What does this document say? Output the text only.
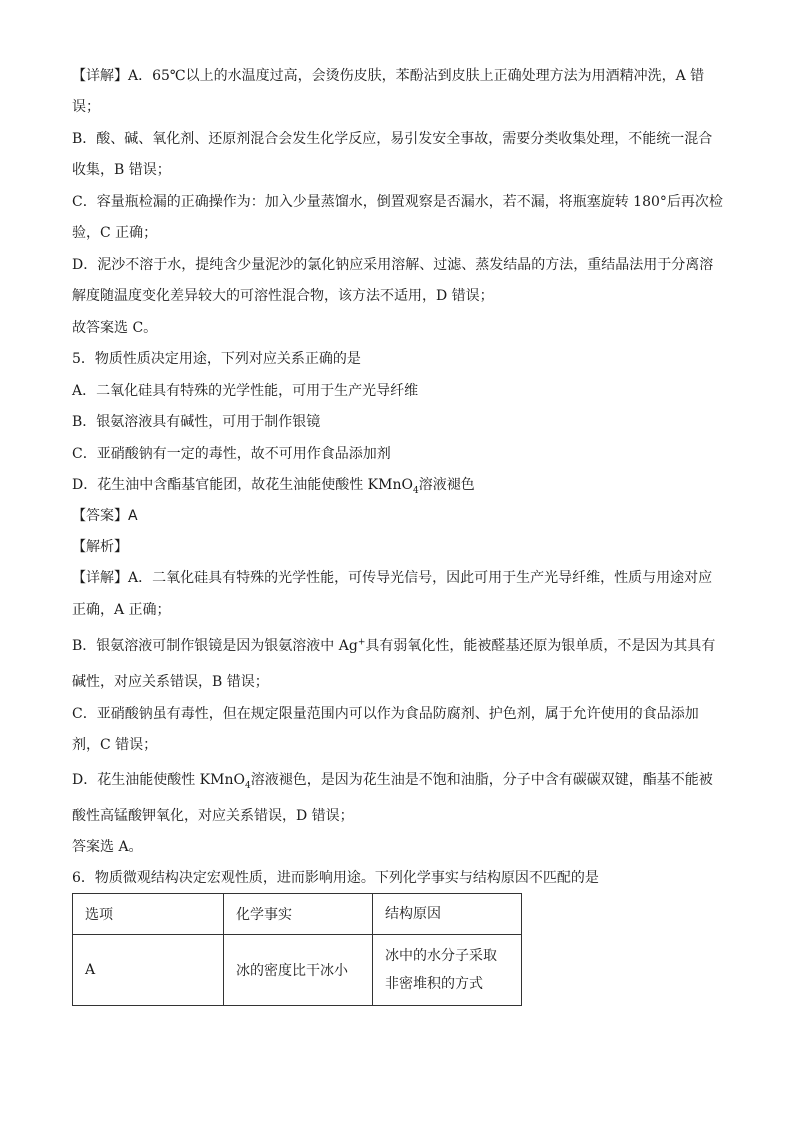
【详解】A．65℃以上的水温度过高，会烫伤皮肤，苯酚沾到皮肤上正确处理方法为用酒精冲洗，A 错
误；
B．酸、碱、氧化剂、还原剂混合会发生化学反应，易引发安全事故，需要分类收集处理，不能统一混合
收集，B 错误；
C．容量瓶检漏的正确操作为：加入少量蒸馏水，倒置观察是否漏水，若不漏，将瓶塞旋转 180°后再次检
验，C 正确；
D．泥沙不溶于水，提纯含少量泥沙的氯化钠应采用溶解、过滤、蒸发结晶的方法，重结晶法用于分离溶
解度随温度变化差异较大的可溶性混合物，该方法不适用，D 错误；
故答案选 C。
5．物质性质决定用途，下列对应关系正确的是
A．二氧化硅具有特殊的光学性能，可用于生产光导纤维
B．银氨溶液具有碱性，可用于制作银镜
C．亚硝酸钠有一定的毒性，故不可用作食品添加剂
D．花生油中含酯基官能团，故花生油能使酸性 KMnO$_4$溶液褪色
【答案】A
【解析】
【详解】A．二氧化硅具有特殊的光学性能，可传导光信号，因此可用于生产光导纤维，性质与用途对应
正确，A 正确；
B．银氨溶液可制作银镜是因为银氨溶液中 Ag+具有弱氧化性，能被醛基还原为银单质，不是因为其具有
碱性，对应关系错误，B 错误；
C．亚硝酸钠虽有毒性，但在规定限量范围内可以作为食品防腐剂、护色剂，属于允许使用的食品添加
剂，C 错误；
D．花生油能使酸性 KMnO$_4$溶液褪色，是因为花生油是不饱和油脂，分子中含有碳碳双键，酯基不能被
酸性高锰酸钾氧化，对应关系错误，D 错误；
答案选 A。
6．物质微观结构决定宏观性质，进而影响用途。下列化学事实与结构原因不匹配的是
选项	化学事实	结构原因
A	冰的密度比干冰小	冰中的水分子采取非密堆积的方式
